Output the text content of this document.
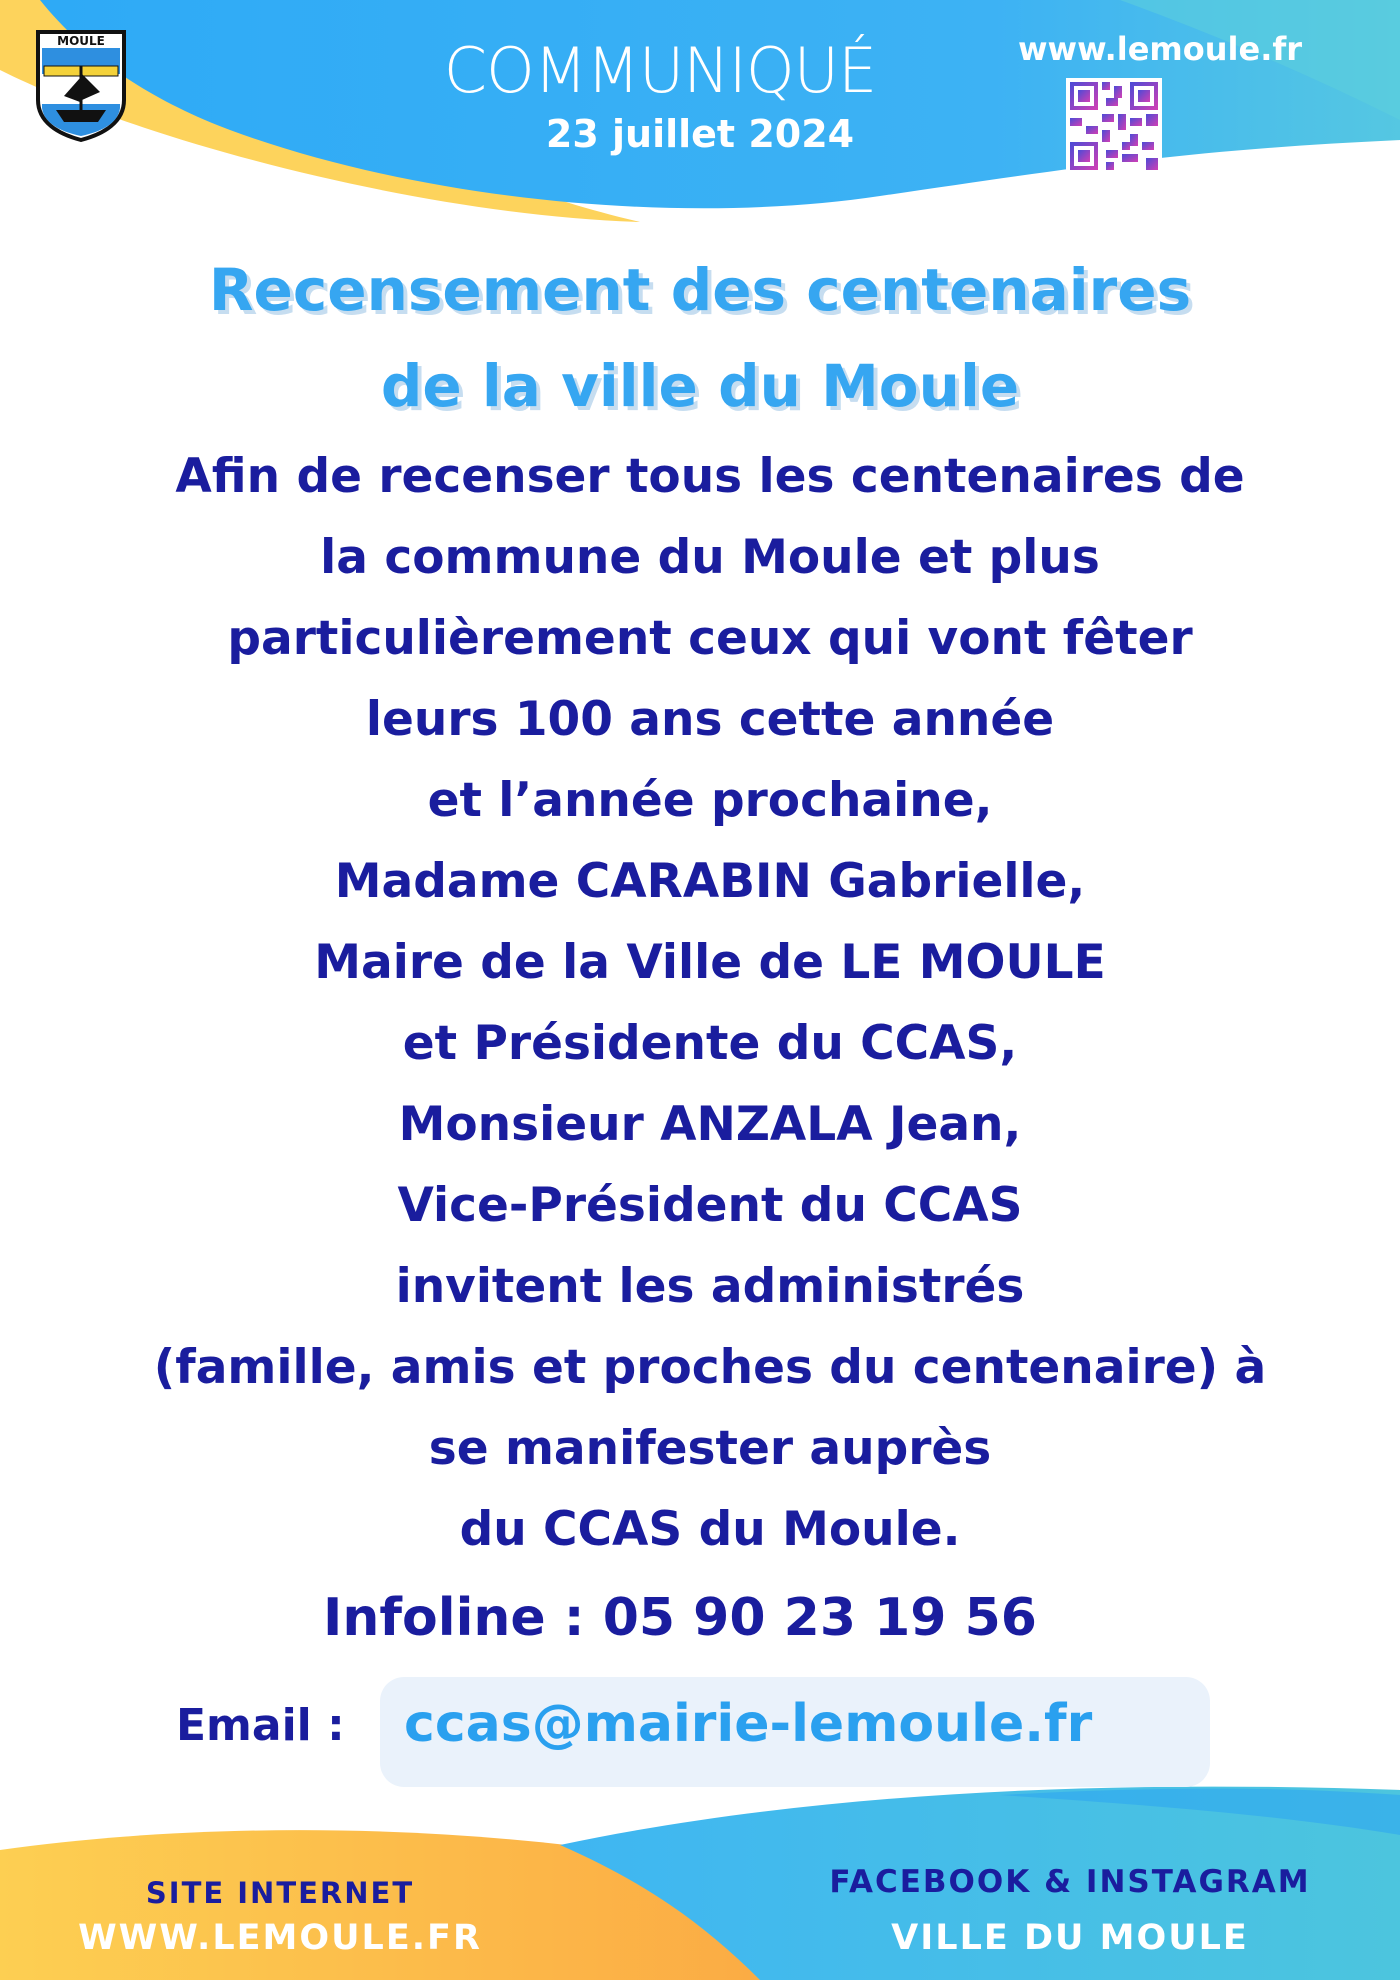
MOULE	COMMUNIQUÉ
23 juillet 2024
www.lemoule.fr
Recensement des centenaires
de la ville du Moule
Afin de recenser tous les centenaires de
la commune du Moule et plus
particulièrement ceux qui vont fêter
leurs 100 ans cette année
et l’année prochaine,
Madame CARABIN Gabrielle,
Maire de la Ville de LE MOULE
et Présidente du CCAS,
Monsieur ANZALA Jean,
Vice-Président du CCAS
invitent les administrés
(famille, amis et proches du centenaire) à
se manifester auprès
du CCAS du Moule.
Infoline : 05 90 23 19 56
Email : ccas@mairie-lemoule.fr
SITE INTERNET
WWW.LEMOULE.FR
FACEBOOK & INSTAGRAM
VILLE DU MOULE
